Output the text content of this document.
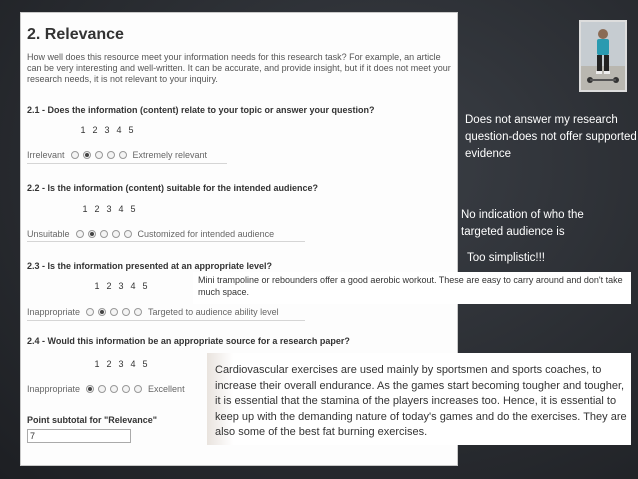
2. Relevance
How well does this resource meet your information needs for this research task? For example, an article can be very interesting and well-written. It can be accurate, and provide insight, but if it does not meet your research needs, it is not relevant to your inquiry.
2.1 - Does the information (content) relate to your topic or answer your question?
1 2 3 4 5
Irrelevant	Extremely relevant
2.2 - Is the information (content) suitable for the intended audience?
1 2 3 4 5
Unsuitable	Customized for intended audience
2.3 - Is the information presented at an appropriate level?
1 2 3 4 5
Inappropriate	Targeted to audience ability level
2.4 - Would this information be an appropriate source for a research paper?
1 2 3 4 5
Inappropriate	Excellent
Point subtotal for "Relevance"
7
Does not answer my research question-does not offer supported evidence
No indication of who the targeted audience is
Too simplistic!!!
Mini trampoline or rebounders offer a good aerobic workout. These are easy to carry around and don't take much space.
Cardiovascular exercises are used mainly by sportsmen and sports coaches, to increase their overall endurance. As the games start becoming tougher and tougher, it is essential that the stamina of the players increases too. Hence, it is essential to keep up with the demanding nature of today's games and do the exercises. They are also some of the best fat burning exercises.
